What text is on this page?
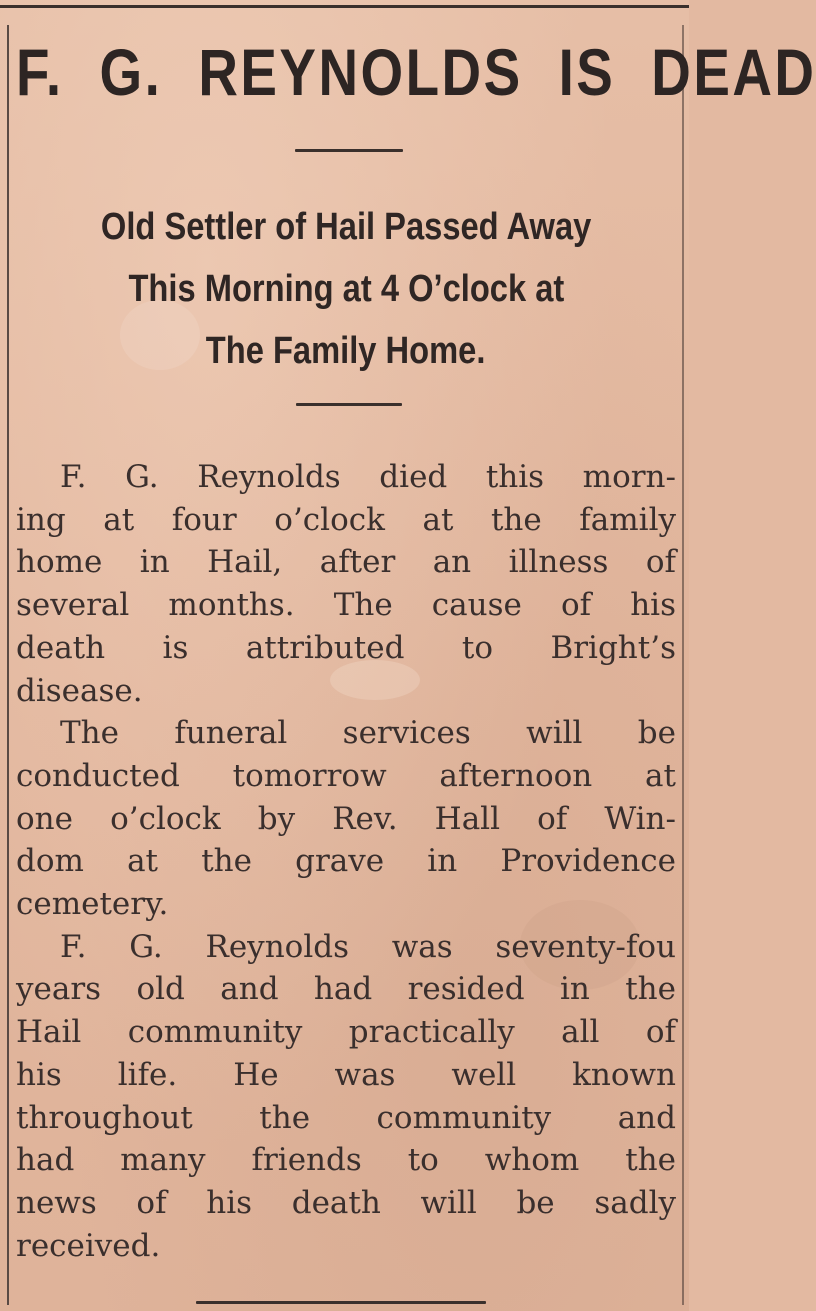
F. G. REYNOLDS IS DEAD
Old Settler of Hail Passed Away
This Morning at 4 O’clock at
The Family Home.
F. G. Reynolds died this morn-
ing at four o’clock at the family
home in Hail, after an illness of
several months. The cause of his
death is attributed to Bright’s
disease.
The funeral services will be
conducted tomorrow afternoon at
one o’clock by Rev. Hall of Win-
dom at the grave in Providence
cemetery.
F. G. Reynolds was seventy-fou
years old and had resided in the
Hail community practically all of
his life. He was well known
throughout the community and
had many friends to whom the
news of his death will be sadly
received.
